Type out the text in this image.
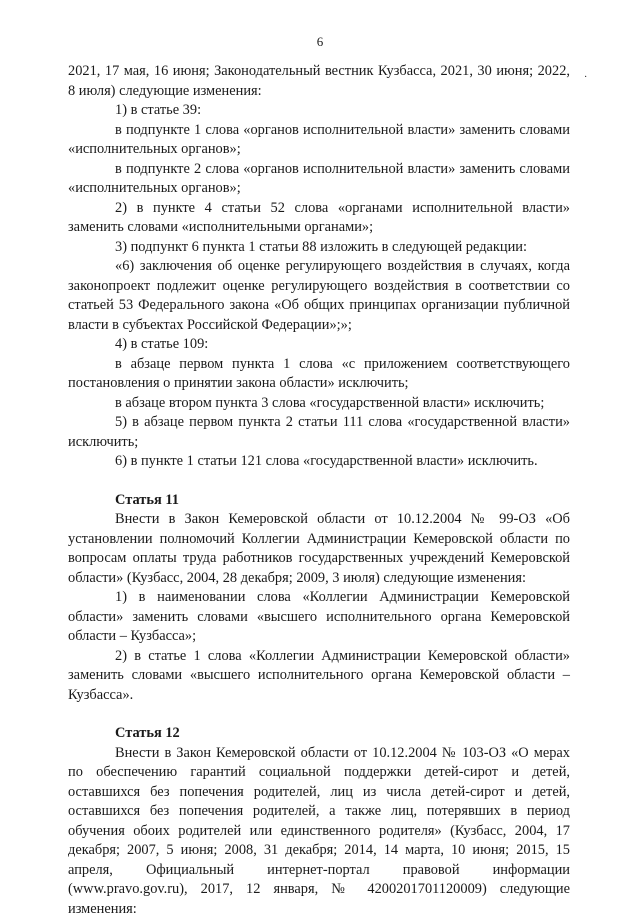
6
·

2021, 17 мая, 16 июня; Законодательный вестник Кузбасса, 2021, 30 июня; 2022, 8 июля) следующие изменения:

1) в статье 39:

в подпункте 1 слова «органов исполнительной власти» заменить словами «исполнительных органов»;

в подпункте 2 слова «органов исполнительной власти» заменить словами «исполнительных органов»;

2) в пункте 4 статьи 52 слова «органами исполнительной власти» заменить словами «исполнительными органами»;

3) подпункт 6 пункта 1 статьи 88 изложить в следующей редакции:

«6) заключения об оценке регулирующего воздействия в случаях, когда законопроект подлежит оценке регулирующего воздействия в соответствии со статьей 53 Федерального закона «Об общих принципах организации публичной власти в субъектах Российской Федерации»;»;

4) в статье 109:

в абзаце первом пункта 1 слова «с приложением соответствующего постановления о принятии закона области» исключить;

в абзаце втором пункта 3 слова «государственной власти» исключить;

5) в абзаце первом пункта 2 статьи 111 слова «государственной власти» исключить;

6) в пункте 1 статьи 121 слова «государственной власти» исключить.

Статья 11

Внести в Закон Кемеровской области от 10.12.2004 № 99-ОЗ «Об установлении полномочий Коллегии Администрации Кемеровской области по вопросам оплаты труда работников государственных учреждений Кемеровской области» (Кузбасс, 2004, 28 декабря; 2009, 3 июля) следующие изменения:

1) в наименовании слова «Коллегии Администрации Кемеровской области» заменить словами «высшего исполнительного органа Кемеровской области – Кузбасса»;

2) в статье 1 слова «Коллегии Администрации Кемеровской области» заменить словами «высшего исполнительного органа Кемеровской области – Кузбасса».

Статья 12

Внести в Закон Кемеровской области от 10.12.2004 № 103-ОЗ «О мерах по обеспечению гарантий социальной поддержки детей-сирот и детей, оставшихся без попечения родителей, лиц из числа детей-сирот и детей, оставшихся без попечения родителей, а также лиц, потерявших в период обучения обоих родителей или единственного родителя» (Кузбасс, 2004, 17 декабря; 2007, 5 июня; 2008, 31 декабря; 2014, 14 марта, 10 июня; 2015, 15 апреля, Официальный интернет-портал правовой информации (www.pravo.gov.ru), 2017, 12 января, № 4200201701120009) следующие изменения:
